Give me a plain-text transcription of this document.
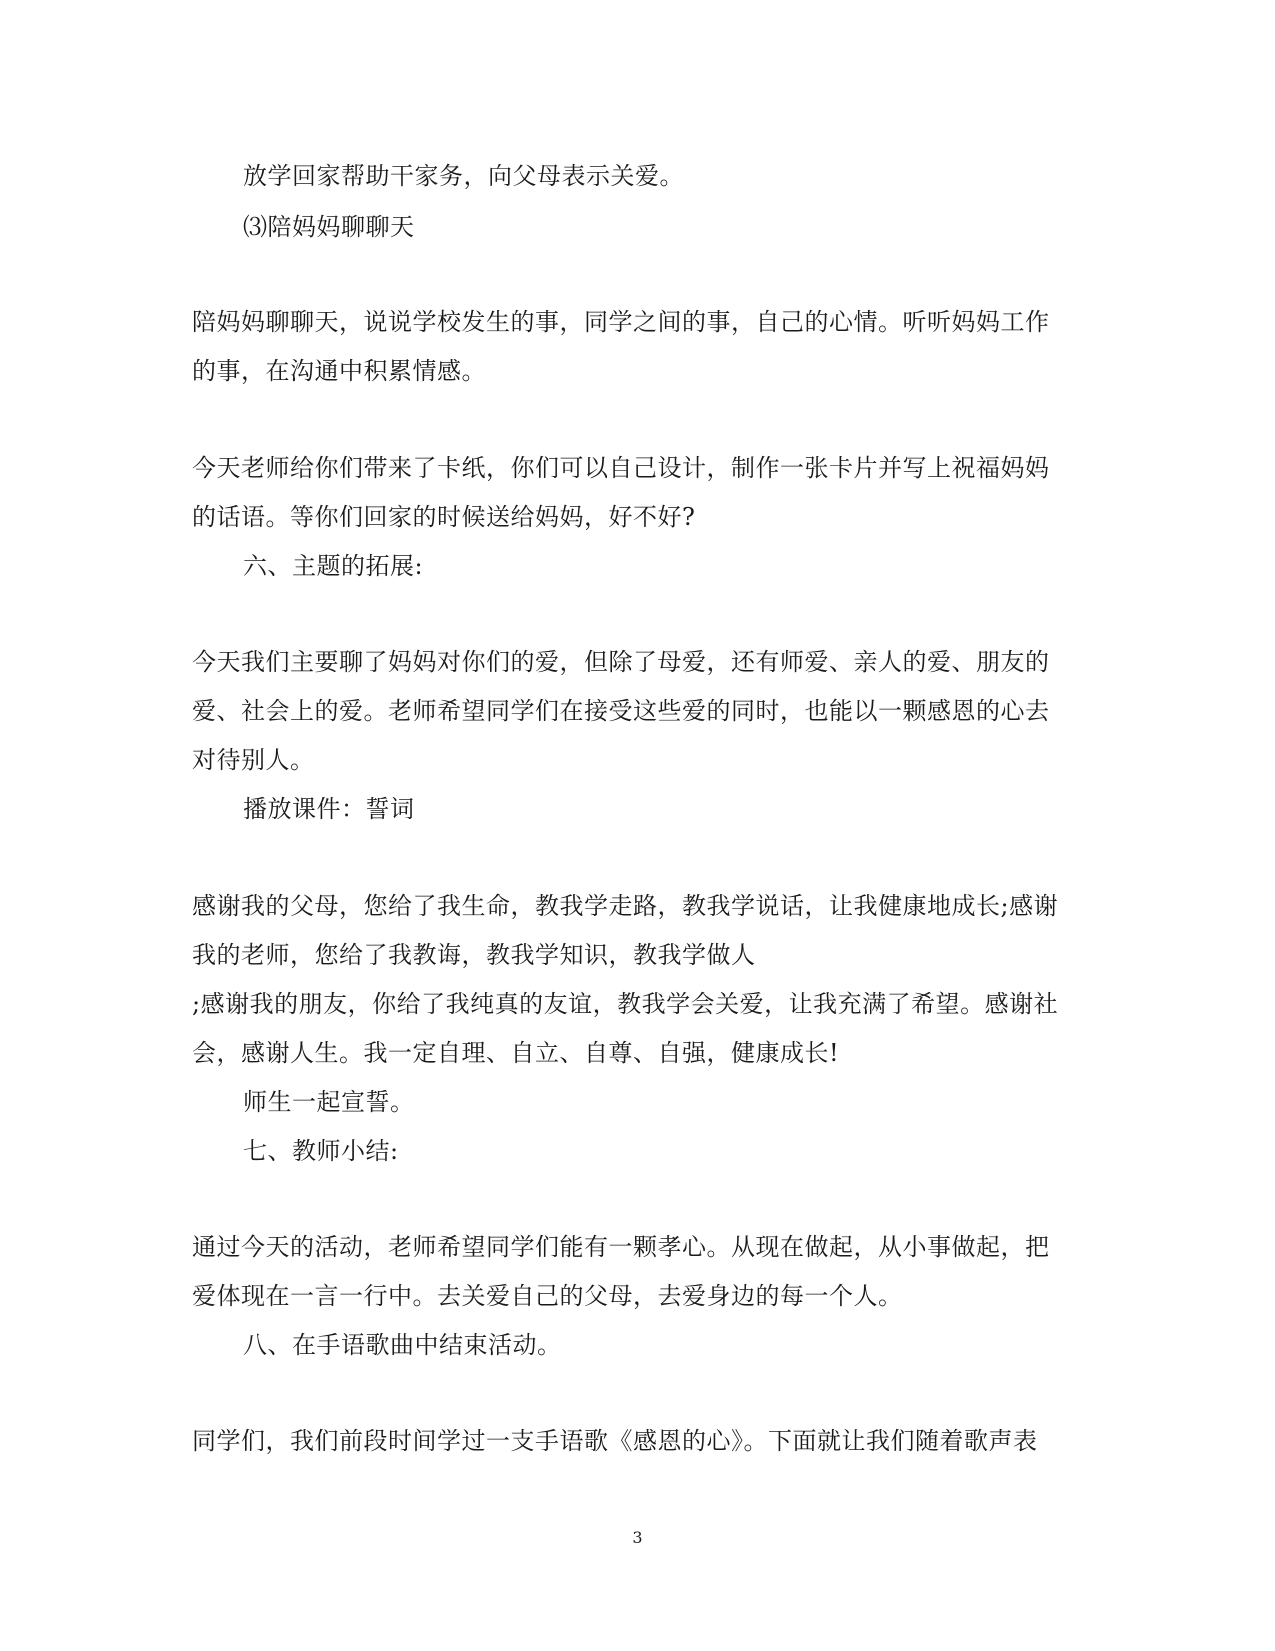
放学回家帮助干家务，向父母表示关爱。
⑶陪妈妈聊聊天
陪妈妈聊聊天，说说学校发生的事，同学之间的事，自己的心情。听听妈妈工作
的事，在沟通中积累情感。
今天老师给你们带来了卡纸，你们可以自己设计，制作一张卡片并写上祝福妈妈
的话语。等你们回家的时候送给妈妈，好不好?
六、主题的拓展:
今天我们主要聊了妈妈对你们的爱，但除了母爱，还有师爱、亲人的爱、朋友的
爱、社会上的爱。老师希望同学们在接受这些爱的同时，也能以一颗感恩的心去
对待别人。
播放课件：誓词
感谢我的父母，您给了我生命，教我学走路，教我学说话，让我健康地成长;感谢
我的老师，您给了我教诲，教我学知识，教我学做人
;感谢我的朋友，你给了我纯真的友谊，教我学会关爱，让我充满了希望。感谢社
会，感谢人生。我一定自理、自立、自尊、自强，健康成长!
师生一起宣誓。
七、教师小结:
通过今天的活动，老师希望同学们能有一颗孝心。从现在做起，从小事做起，把
爱体现在一言一行中。去关爱自己的父母，去爱身边的每一个人。
八、在手语歌曲中结束活动。
同学们，我们前段时间学过一支手语歌《感恩的心》。下面就让我们随着歌声表
3
